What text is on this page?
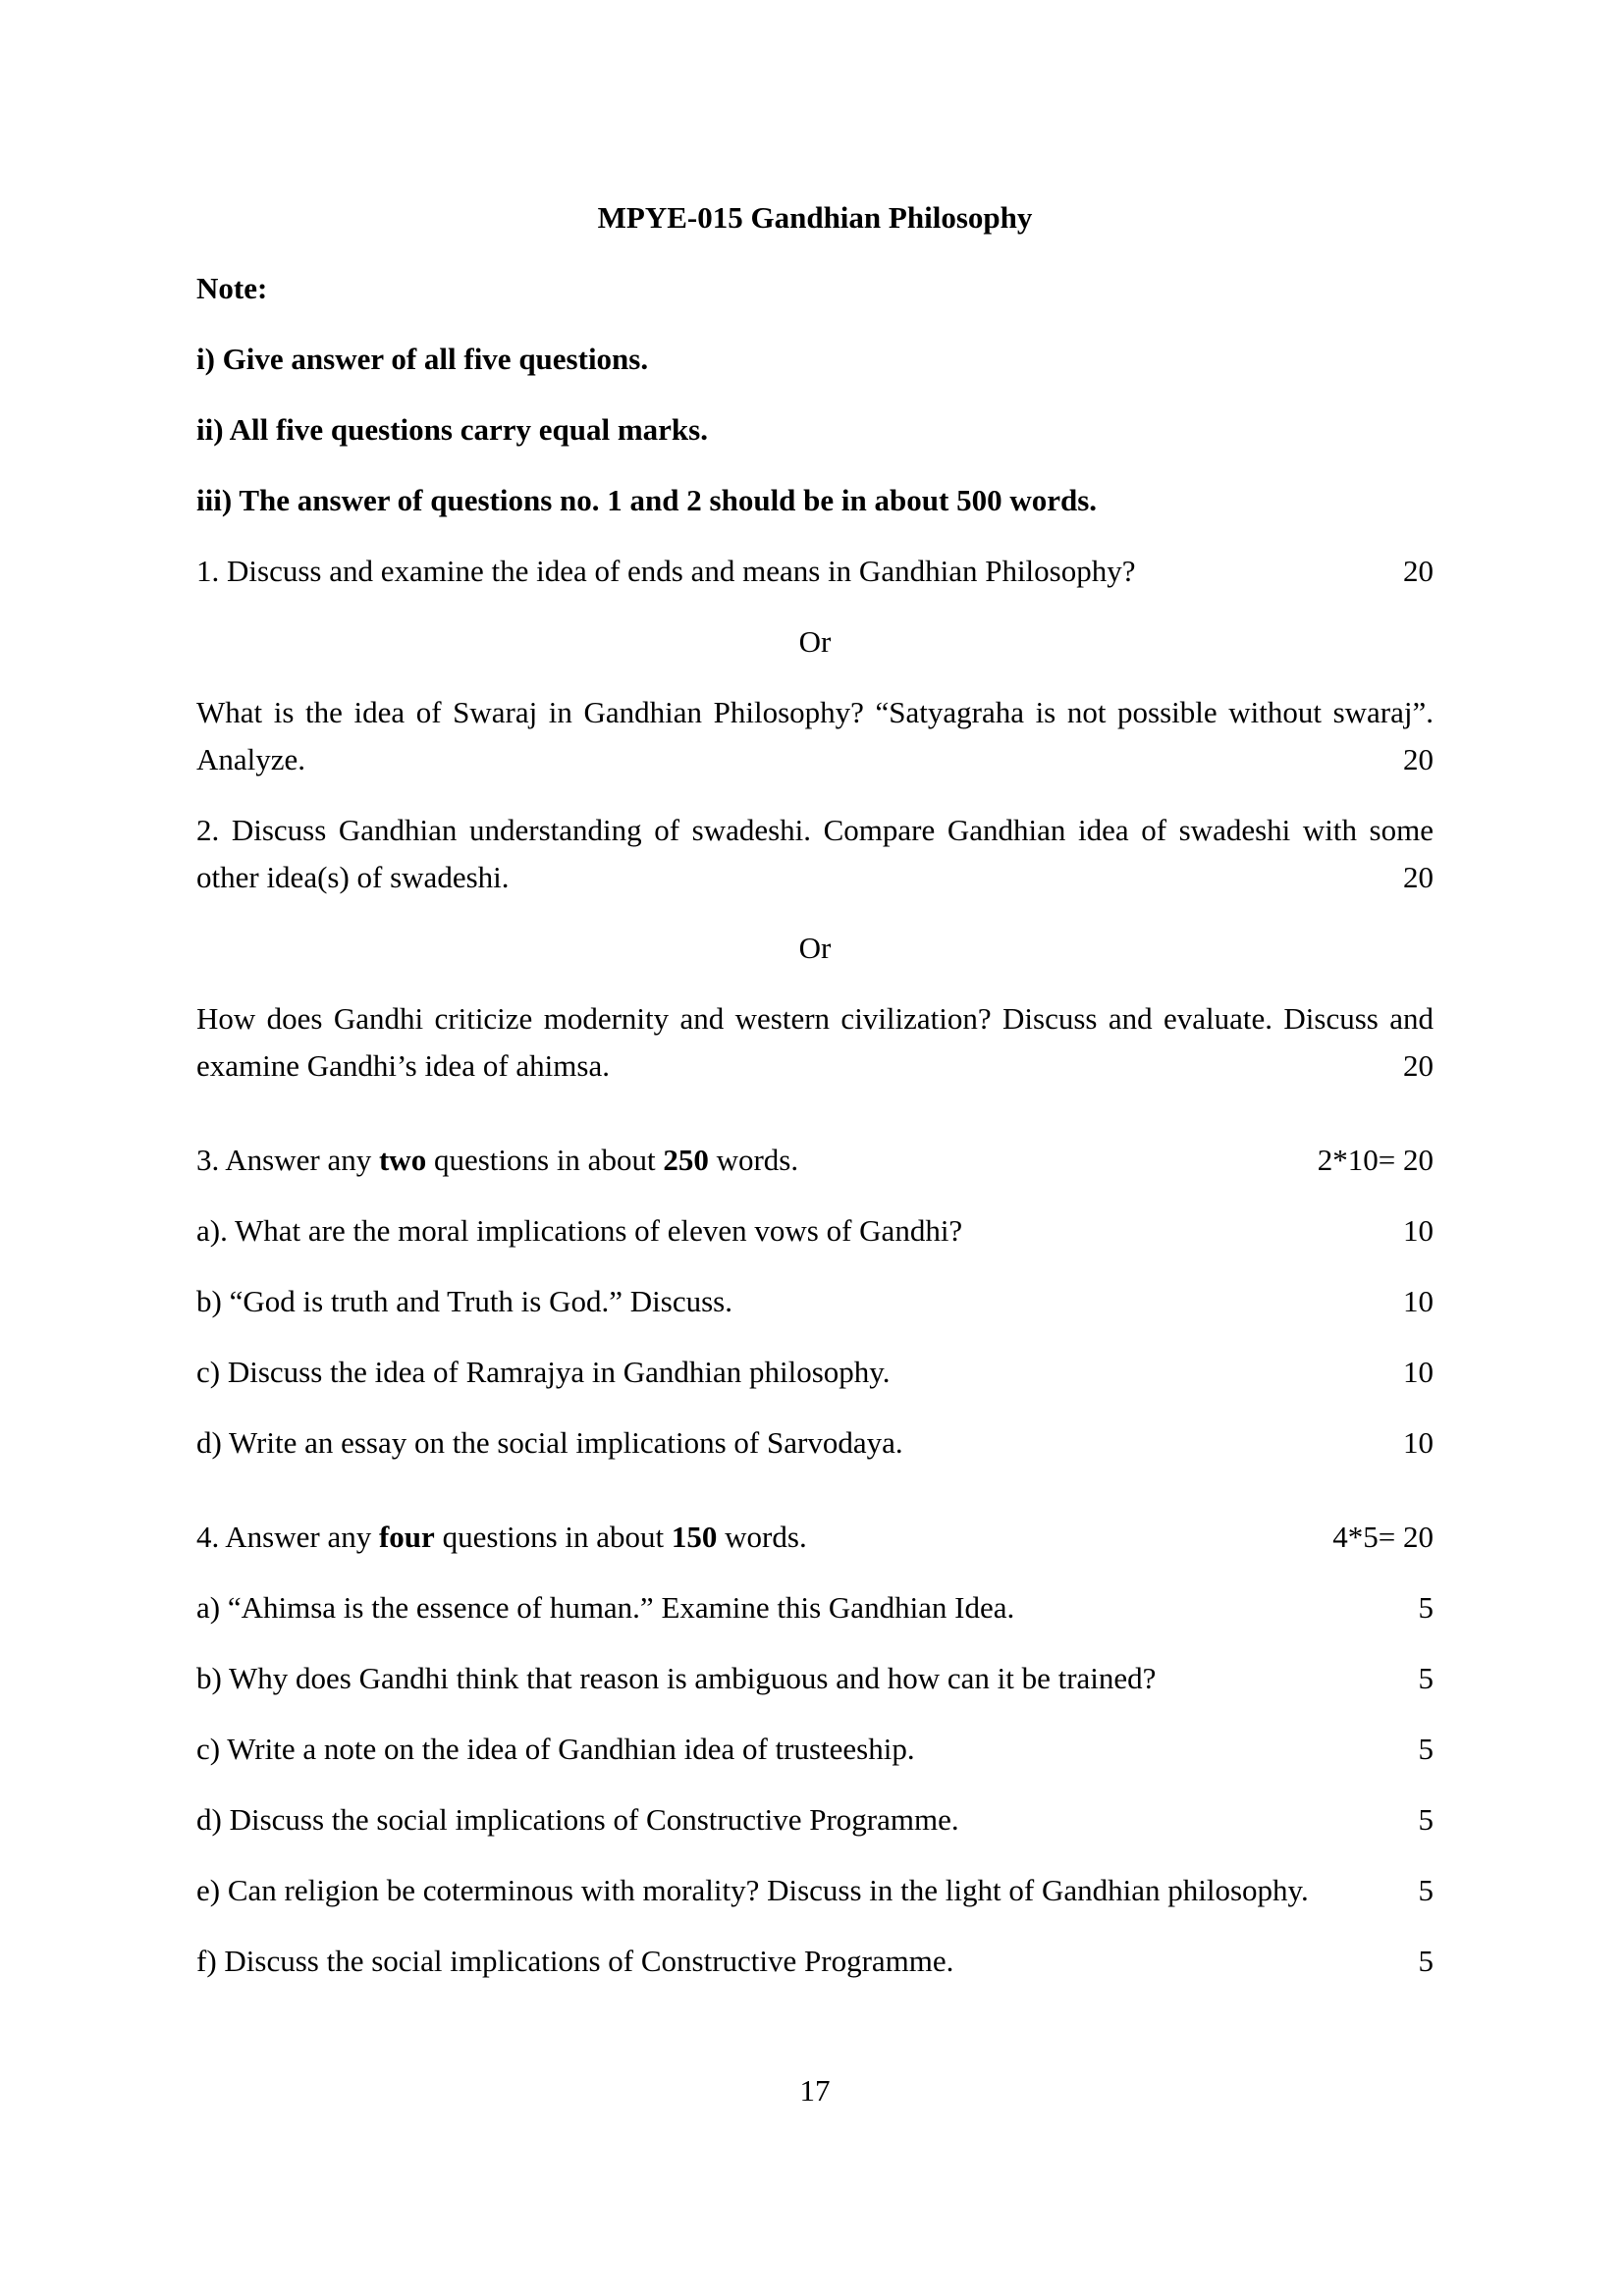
MPYE-015 Gandhian Philosophy
Note:
i) Give answer of all five questions.
ii) All five questions carry equal marks.
iii) The answer of questions no. 1 and 2 should be in about 500 words.
1. Discuss and examine the idea of ends and means in Gandhian Philosophy?	20
Or
What is the idea of Swaraj in Gandhian Philosophy? “Satyagraha is not possible without swaraj”. Analyze.	20
2. Discuss Gandhian understanding of swadeshi. Compare Gandhian idea of swadeshi with some other idea(s) of swadeshi.	20
Or
How does Gandhi criticize modernity and western civilization? Discuss and evaluate. Discuss and examine Gandhi’s idea of ahimsa.	20
3. Answer any two questions in about 250 words.	2*10= 20
a). What are the moral implications of eleven vows of Gandhi?	10
b) “God is truth and Truth is God.” Discuss.	10
c) Discuss the idea of Ramrajya in Gandhian philosophy.	10
d) Write an essay on the social implications of Sarvodaya.	10
4. Answer any four questions in about 150 words.	4*5= 20
a) “Ahimsa is the essence of human.” Examine this Gandhian Idea.	5
b) Why does Gandhi think that reason is ambiguous and how can it be trained?	5
c) Write a note on the idea of Gandhian idea of trusteeship.	5
d) Discuss the social implications of Constructive Programme.	5
e) Can religion be coterminous with morality? Discuss in the light of Gandhian philosophy.	5
f) Discuss the social implications of Constructive Programme.	5
17
